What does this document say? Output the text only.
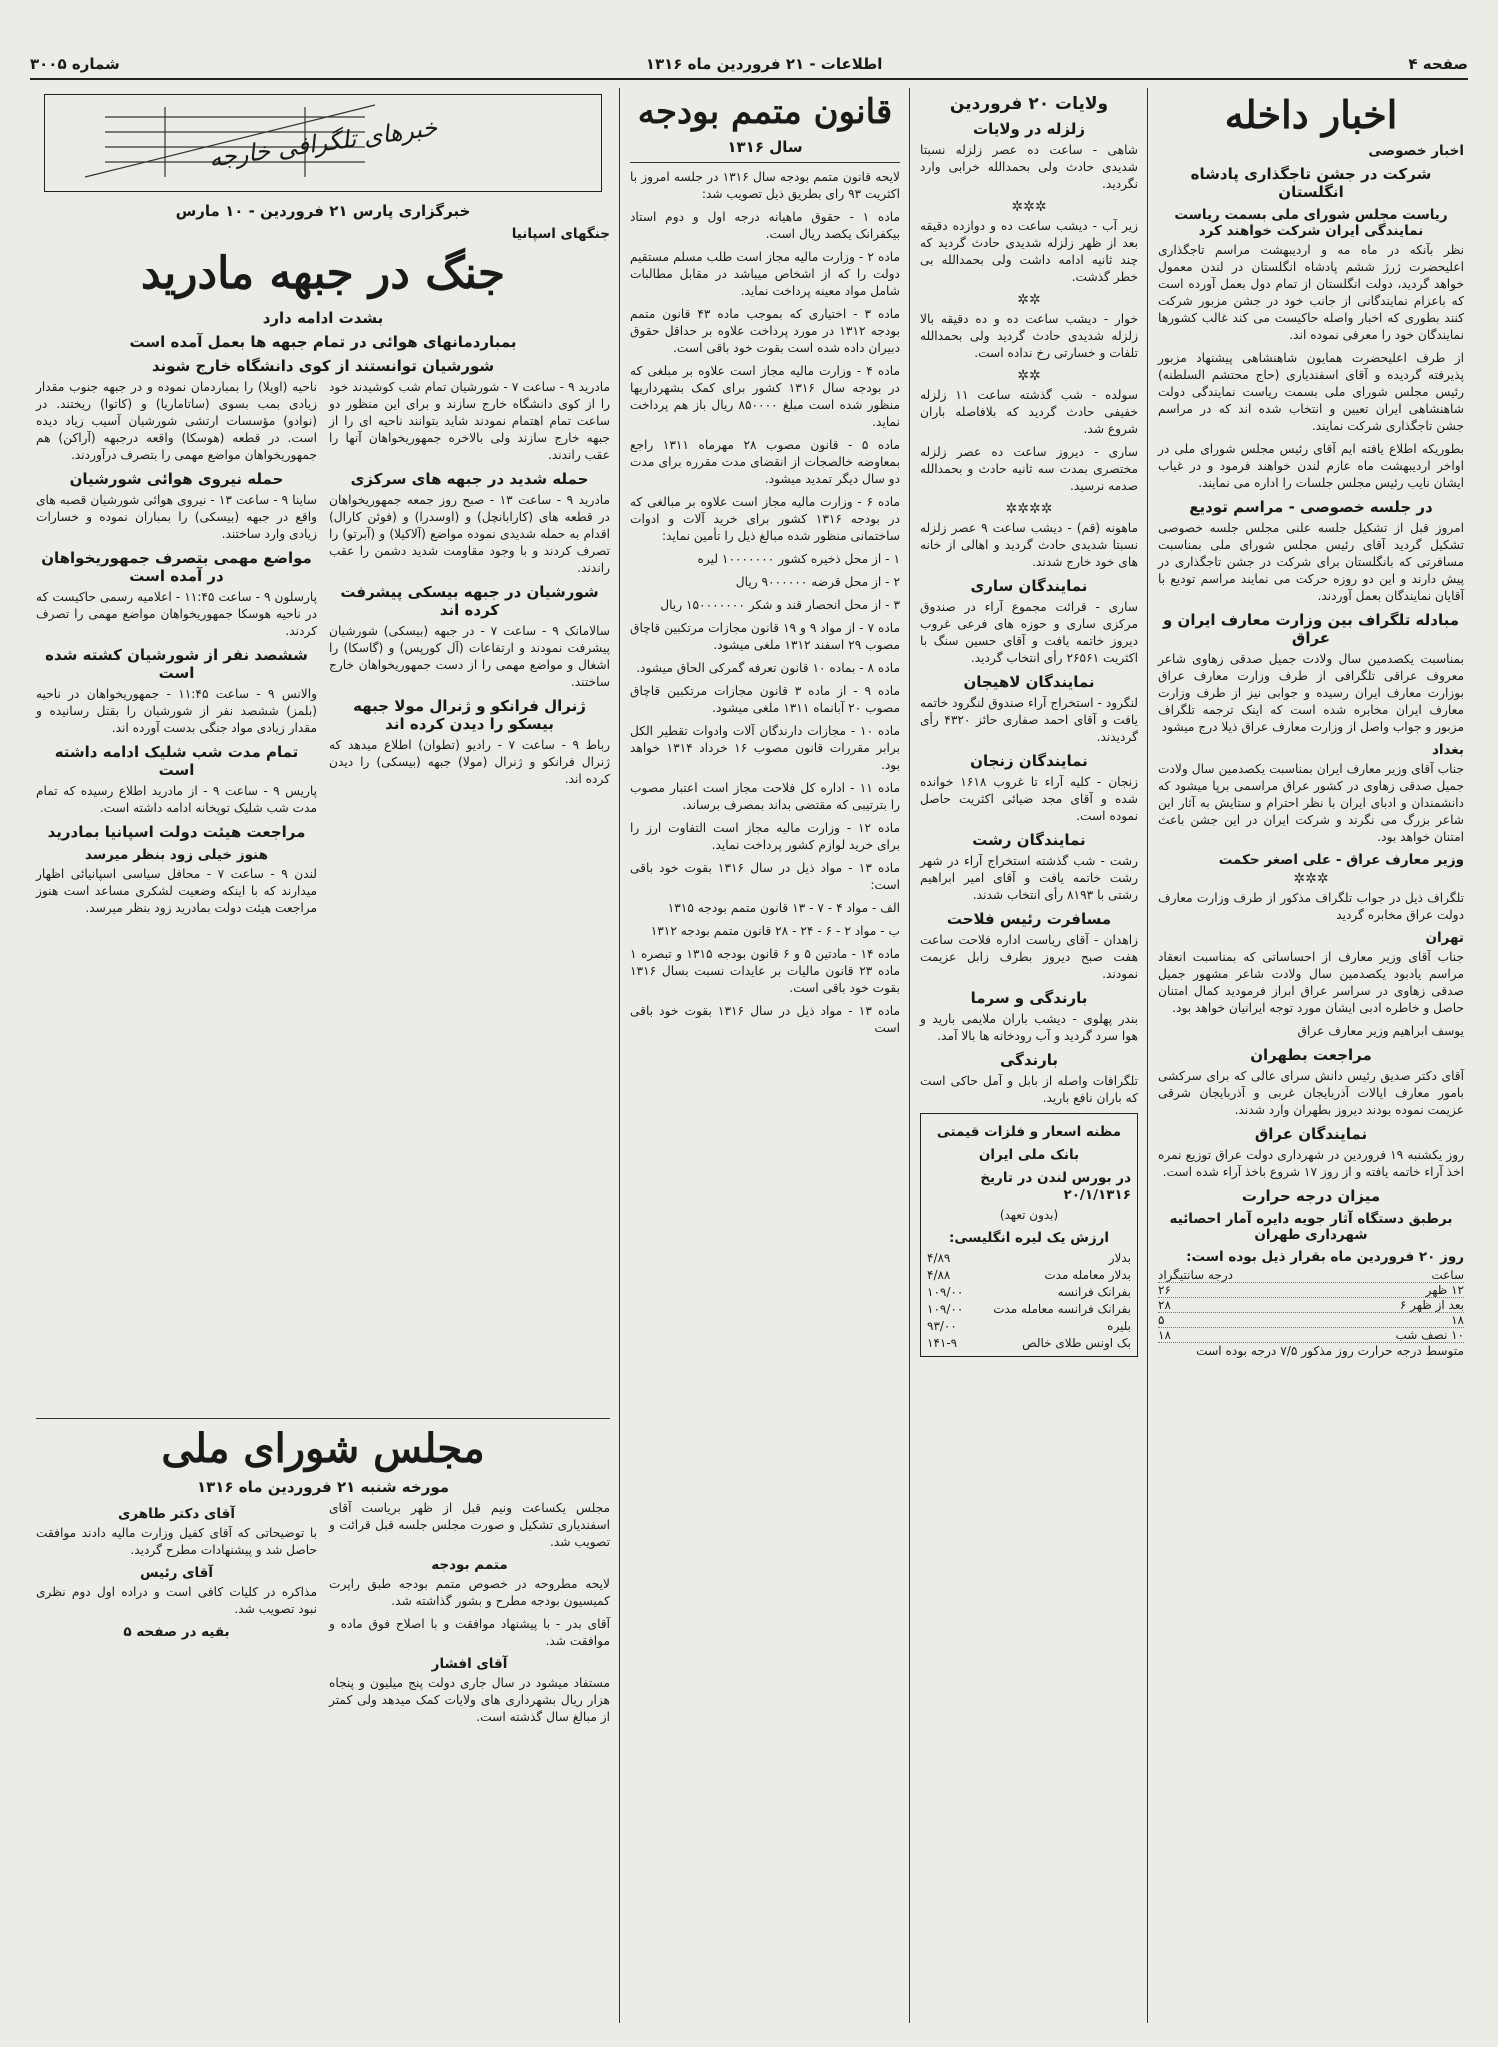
صفحه ۴
اطلاعات - ۲۱ فروردین ماه ۱۳۱۶
شماره ۳۰۰۵
اخبار داخله
اخبار خصوصی
شرکت در جشن تاجگذاری پادشاه انگلستان
ریاست مجلس شورای ملی بسمت ریاست نمایندگی ایران شرکت خواهند کرد

نظر بآنکه در ماه مه و اردیبهشت مراسم تاجگذاری اعلیحضرت ژرژ ششم پادشاه انگلستان در لندن معمول خواهد گردید، دولت انگلستان از تمام دول بعمل آورده است که باعزام نمایندگانی از جانب خود در جشن مزبور شرکت کنند بطوری که اخبار واصله حاکیست می کند غالب کشورها نمایندگان خود را معرفی نموده اند.

از طرف اعلیحضرت همایون شاهنشاهی پیشنهاد مزبور پذیرفته گردیده و آقای اسفندیاری (حاج محتشم السلطنه) رئیس مجلس شورای ملی بسمت ریاست نمایندگی دولت شاهنشاهی ایران تعیین و انتخاب شده اند که در مراسم جشن تاجگذاری شرکت نمایند.

بطوریکه اطلاع یافته ایم آقای رئیس مجلس شورای ملی در اواخر اردیبهشت ماه عازم لندن خواهند فرمود و در غیاب ایشان نایب رئیس مجلس جلسات را اداره می نمایند.

در جلسه خصوصی - مراسم تودیع

امروز قبل از تشکیل جلسه علنی مجلس جلسه خصوصی تشکیل گردید آقای رئیس مجلس شورای ملی بمناسبت مسافرتی که بانگلستان برای شرکت در جشن تاجگذاری در پیش دارند و این دو روزه حرکت می نمایند مراسم تودیع با آقایان نمایندگان بعمل آوردند.

مبادله تلگراف بین وزارت معارف ایران و عراق

بمناسبت یکصدمین سال ولادت جمیل صدقی زهاوی شاعر معروف عراقی تلگرافی از طرف وزارت معارف عراق بوزارت معارف ایران رسیده و جوابی نیز از طرف وزارت معارف ایران مخابره شده است که اینک ترجمه تلگراف مزبور و جواب واصل از وزارت معارف عراق ذیلا درج میشود

بغداد

جناب آقای وزیر معارف ایران بمناسبت یکصدمین سال ولادت جمیل صدقی زهاوی در کشور عراق مراسمی برپا میشود که دانشمندان و ادبای ایران با نظر احترام و ستایش به آثار این شاعر بزرگ می نگرند و شرکت ایران در این جشن باعث امتنان خواهد بود.

وزیر معارف عراق - علی اصغر حکمت
✲✲✲

تلگراف ذیل در جواب تلگراف مذکور از طرف وزارت معارف دولت عراق مخابره گردید

تهران

جناب آقای وزیر معارف از احساساتی که بمناسبت انعقاد مراسم یادبود یکصدمین سال ولادت شاعر مشهور جمیل صدقی زهاوی در سراسر عراق ابراز فرمودید کمال امتنان حاصل و خاطره ادبی ایشان مورد توجه ایرانیان خواهد بود.

یوسف ابراهیم وزیر معارف عراق

مراجعت بطهران

آقای دکتر صدیق رئیس دانش سرای عالی که برای سرکشی بامور معارف ایالات آذربایجان غربی و آذربایجان شرقی عزیمت نموده بودند دیروز بطهران وارد شدند.

نمایندگان عراق

روز یکشنبه ۱۹ فروردین در شهرداری دولت عراق توزیع نمره اخذ آراء خاتمه یافته و از روز ۱۷ شروع باخذ آراء شده است.

میزان درجه حرارت
برطبق دستگاه آثار جویه دایره آمار احصائیه شهرداری طهران
روز ۲۰ فروردین ماه بقرار ذیل بوده است:
ساعت
درجه سانتیگراد
۱۲ ظهر
۲۶
بعد از ظهر ۶
۲۸
۱۸
۵
۱۰ نصف شب
۱۸

متوسط درجه حرارت روز مذکور ۷/۵ درجه بوده است

ولایات ۲۰ فروردین
زلزله در ولایات

شاهی - ساعت ده عصر زلزله نسبتا شدیدی حادث ولی بحمدالله خرابی وارد نگردید.

✲✲✲

زیر آب - دیشب ساعت ده و دوازده دقیقه بعد از ظهر زلزله شدیدی حادث گردید که چند ثانیه ادامه داشت ولی بحمدالله بی خطر گذشت.

✲✲

خوار - دیشب ساعت ده و ده دقیقه بالا زلزله شدیدی حادث گردید ولی بحمدالله تلفات و خسارتی رخ نداده است.

✲✲

سولده - شب گذشته ساعت ۱۱ زلزله خفیفی حادث گردید که بلافاصله باران شروع شد.

ساری - دیروز ساعت ده عصر زلزله مختصری بمدت سه ثانیه حادث و بحمدالله صدمه نرسید.

✲✲✲✲

ماهونه (قم) - دیشب ساعت ۹ عصر زلزله نسبتا شدیدی حادث گردید و اهالی از خانه های خود خارج شدند.

نمایندگان ساری

ساری - قرائت مجموع آراء در صندوق مرکزی ساری و حوزه های فرعی غروب دیروز خاتمه یافت و آقای حسین سنگ با اکثریت ۲۶۵۶۱ رأی انتخاب گردید.

نمایندگان لاهیجان

لنگرود - استخراج آراء صندوق لنگرود خاتمه یافت و آقای احمد صفاری حائز ۴۳۲۰ رأی گردیدند.

نمایندگان زنجان

زنجان - کلیه آراء تا غروب ۱۶۱۸ خوانده شده و آقای مجد ضیائی اکثریت حاصل نموده است.

نمایندگان رشت

رشت - شب گذشته استخراج آراء در شهر رشت خاتمه یافت و آقای امیر ابراهیم رشتی با ۸۱۹۳ رأی انتخاب شدند.

مسافرت رئیس فلاحت

زاهدان - آقای ریاست اداره فلاحت ساعت هفت صبح دیروز بطرف زابل عزیمت نمودند.

بارندگی و سرما

بندر پهلوی - دیشب باران ملایمی بارید و هوا سرد گردید و آب رودخانه ها بالا آمد.

بارندگی

تلگرافات واصله از بابل و آمل حاکی است که باران نافع بارید.

مظنه اسعار و فلزات قیمتی
بانک ملی ایران
در بورس لندن در تاریخ ۲۰/۱/۱۳۱۶
(بدون تعهد)
ارزش یک لیره انگلیسی:
بدلار
۴/۸۹
بدلار معامله مدت
۴/۸۸
بفرانک فرانسه
۱۰۹/۰۰
بفرانک فرانسه معامله مدت
۱۰۹/۰۰
بلیره
۹۳/۰۰
بک اونس طلای خالص
۱۴۱-۹
قانون متمم بودجه
سال ۱۳۱۶

لایحه قانون متمم بودجه سال ۱۳۱۶ در جلسه امروز با اکثریت ۹۳ رای بطریق ذیل تصویب شد:

ماده ۱ - حقوق ماهیانه درجه اول و دوم استاد بیکفرانک یکصد ریال است.

ماده ۲ - وزارت مالیه مجاز است طلب مسلم مستقیم دولت را که از اشخاص میباشد در مقابل مطالبات شامل مواد معینه پرداخت نماید.

ماده ۳ - اختیاری که بموجب ماده ۴۳ قانون متمم بودجه ۱۳۱۲ در مورد پرداخت علاوه بر حداقل حقوق دبیران داده شده است بقوت خود باقی است.

ماده ۴ - وزارت مالیه مجاز است علاوه بر مبلغی که در بودجه سال ۱۳۱۶ کشور برای کمک بشهرداریها منظور شده است مبلغ ۸۵۰۰۰۰ ریال باز هم پرداخت نماید.

ماده ۵ - قانون مصوب ۲۸ مهرماه ۱۳۱۱ راجع بمعاوضه خالصجات از انقضای مدت مقرره برای مدت دو سال دیگر تمدید میشود.

ماده ۶ - وزارت مالیه مجاز است علاوه بر مبالغی که در بودجه ۱۳۱۶ کشور برای خرید آلات و ادوات ساختمانی منظور شده مبالغ ذیل را تأمین نماید:

۱ - از محل ذخیره کشور ۱۰۰۰۰۰۰۰ لیره

۲ - از محل قرضه ۹۰۰۰۰۰۰ ریال

۳ - از محل انحصار قند و شکر ۱۵۰۰۰۰۰۰۰ ریال

ماده ۷ - از مواد ۹ و ۱۹ قانون مجازات مرتکبین قاچاق مصوب ۲۹ اسفند ۱۳۱۲ ملغی میشود.

ماده ۸ - بماده ۱۰ قانون تعرفه گمرکی الحاق میشود.

ماده ۹ - از ماده ۳ قانون مجازات مرتکبین قاچاق مصوب ۲۰ آبانماه ۱۳۱۱ ملغی میشود.

ماده ۱۰ - مجازات دارندگان آلات وادوات تقطیر الکل برابر مقررات قانون مصوب ۱۶ خرداد ۱۳۱۴ خواهد بود.

ماده ۱۱ - اداره کل فلاحت مجاز است اعتبار مصوب را بترتیبی که مقتضی بداند بمصرف برساند.

ماده ۱۲ - وزارت مالیه مجاز است التفاوت ارز را برای خرید لوازم کشور پرداخت نماید.

ماده ۱۳ - مواد ذیل در سال ۱۳۱۶ بقوت خود باقی است:

الف - مواد ۴ - ۷ - ۱۳ قانون متمم بودجه ۱۳۱۵

ب - مواد ۲ - ۶ - ۲۴ - ۲۸ قانون متمم بودجه ۱۳۱۲

ماده ۱۴ - مادتین ۵ و ۶ قانون بودجه ۱۳۱۵ و تبصره ۱ ماده ۲۳ قانون مالیات بر عایدات نسبت بسال ۱۳۱۶ بقوت خود باقی است.

ماده ۱۳ - مواد ذیل در سال ۱۳۱۶ بقوت خود باقی است

خبرهای تلگرافی خارجه
خبرگزاری پارس ۲۱ فروردین - ۱۰ مارس
جنگهای اسپانیا
جنگ در جبهه مادرید
بشدت ادامه دارد
بمباردمانهای هوائی در تمام جبهه ها بعمل آمده است
شورشیان توانستند از کوی دانشگاه خارج شوند

مادرید ۹ - ساعت ۷ - شورشیان تمام شب کوشیدند خود را از کوی دانشگاه خارج سازند و برای این منظور دو ساعت تمام اهتمام نمودند شاید بتوانند ناحیه ای را از جبهه خارج سازند ولی بالاخره جمهوریخواهان آنها را عقب راندند.

حمله شدید در جبهه های سرکزی

مادرید ۹ - ساعت ۱۳ - صبح روز جمعه جمهوریخواهان در قطعه های (کارابانچل) و (اوسدرا) و (فوئن کارال) اقدام به حمله شدیدی نموده مواضع (آلاکیلا) و (آبرتو) را تصرف کردند و با وجود مقاومت شدید دشمن را عقب راندند.

شورشیان در جبهه بیسکی پیشرفت کرده اند

سالامانک ۹ - ساعت ۷ - در جبهه (بیسکی) شورشیان پیشرفت نمودند و ارتفاعات (آل کورپس) و (گاسکا) را اشغال و مواضع مهمی را از دست جمهوریخواهان خارج ساختند.

ژنرال فرانکو و ژنرال مولا جبهه بیسکو را دیدن کرده اند

رباط ۹ - ساعت ۷ - رادیو (تطوان) اطلاع میدهد که ژنرال فرانکو و ژنرال (مولا) جبهه (بیسکی) را دیدن کرده اند.

ناحیه (اویلا) را بمباردمان نموده و در جبهه جنوب مقدار زیادی بمب بسوی (ساتاماریا) و (کاتوا) ریختند. در (نوادو) مؤسسات ارتشی شورشیان آسیب زیاد دیده است. در قطعه (هوسکا) واقعه درجبهه (آراکن) هم جمهوریخواهان مواضع مهمی را بتصرف درآوردند.

حمله نیروی هوائی شورشیان

ساینا ۹ - ساعت ۱۳ - نیروی هوائی شورشیان قصبه های واقع در جبهه (بیسکی) را بمباران نموده و خسارات زیادی وارد ساختند.

مواضع مهمی بتصرف جمهوریخواهان در آمده است

پارسلون ۹ - ساعت ۱۱:۴۵ - اعلامیه رسمی حاکیست که در ناحیه هوسکا جمهوریخواهان مواضع مهمی را تصرف کردند.

ششصد نفر از شورشیان کشته شده است

والانس ۹ - ساعت ۱۱:۴۵ - جمهوریخواهان در ناحیه (بلمز) ششصد نفر از شورشیان را بقتل رسانیده و مقدار زیادی مواد جنگی بدست آورده اند.

تمام مدت شب شلیک ادامه داشته است

پاریس ۹ - ساعت ۹ - از مادرید اطلاع رسیده که تمام مدت شب شلیک توپخانه ادامه داشته است.

مراجعت هیئت دولت اسپانیا بمادرید
هنوز خیلی زود بنظر میرسد

لندن ۹ - ساعت ۷ - محافل سیاسی اسپانیائی اظهار میدارند که با اینکه وضعیت لشکری مساعد است هنوز مراجعت هیئت دولت بمادرید زود بنظر میرسد.

مجلس شورای ملی
مورخه شنبه ۲۱ فروردین ماه ۱۳۱۶

مجلس یکساعت ونیم قبل از ظهر بریاست آقای اسفندیاری تشکیل و صورت مجلس جلسه قبل قرائت و تصویب شد.

متمم بودجه

لایحه مطروحه در خصوص متمم بودجه طبق راپرت کمیسیون بودجه مطرح و بشور گذاشته شد.

آقای بدر - با پیشنهاد موافقت و با اصلاح فوق ماده و موافقت شد.

آقای افشار

مستفاد میشود در سال جاری دولت پنج میلیون و پنجاه هزار ریال بشهرداری های ولایات کمک میدهد ولی کمتر از مبالغ سال گذشته است.

آقای دکتر طاهری

با توضیحاتی که آقای کفیل وزارت مالیه دادند موافقت حاصل شد و پیشنهادات مطرح گردید.

آقای رئیس

مذاکره در کلیات کافی است و دراده اول دوم نظری نبود تصویب شد.

بقیه در صفحه ۵
